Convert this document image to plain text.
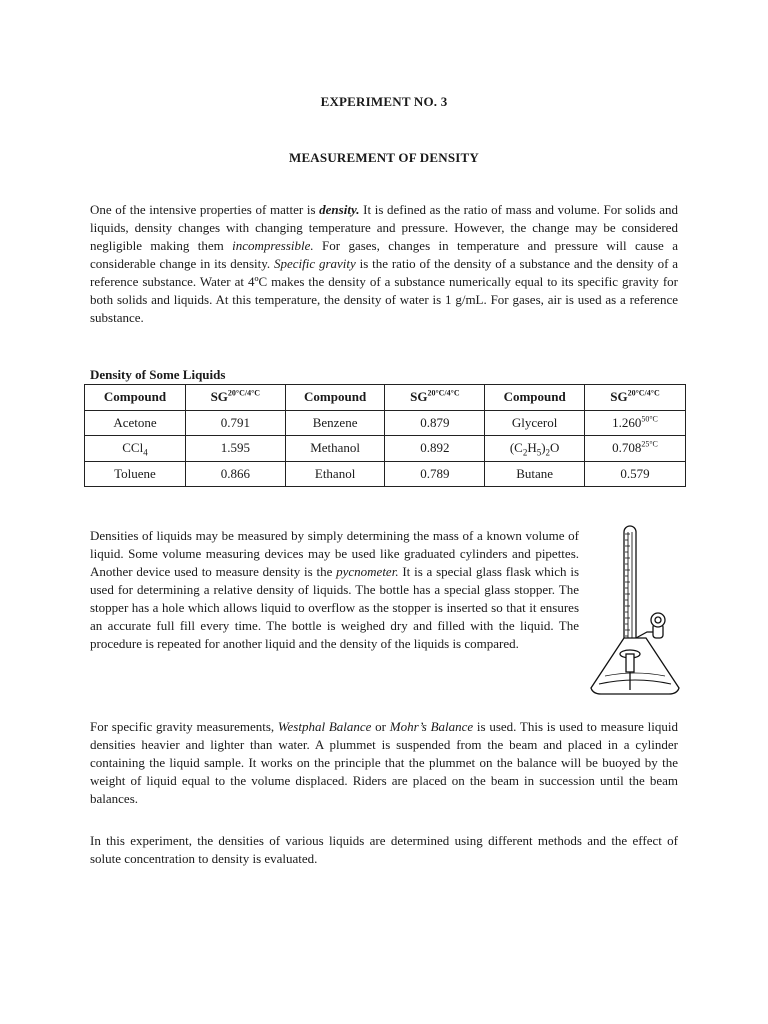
EXPERIMENT NO. 3
MEASUREMENT OF DENSITY

One of the intensive properties of matter is density. It is defined as the ratio of mass and volume. For solids and liquids, density changes with changing temperature and pressure. However, the change may be considered negligible making them incompressible. For gases, changes in temperature and pressure will cause a considerable change in its density. Specific gravity is the ratio of the density of a substance and the density of a reference substance. Water at 4ºC makes the density of a substance numerically equal to its specific gravity for both solids and liquids. At this temperature, the density of water is 1 g/mL. For gases, air is used as a reference substance.

Density of Some Liquids
Compound	$SG^{20^\circ C/4^\circ C}$	Compound	$SG^{20^\circ C/4^\circ C}$	Compound	$SG^{20^\circ C/4^\circ C}$
Acetone	0.791	Benzene	0.879	Glycerol	$1.260^{50^\circ C}$
CCl$_4$	1.595	Methanol	0.892	$(C_2H_5)_2O$	$0.708^{25^\circ C}$
Toluene	0.866	Ethanol	0.789	Butane	0.579

Densities of liquids may be measured by simply determining the mass of a known volume of liquid. Some volume measuring devices may be used like graduated cylinders and pipettes. Another device used to measure density is the pycnometer. It is a special glass flask which is used for determining a relative density of liquids. The bottle has a special glass stopper. The stopper has a hole which allows liquid to overflow as the stopper is inserted so that it ensures an accurate full fill every time. The bottle is weighed dry and filled with the liquid. The procedure is repeated for another liquid and the density of the liquids is compared.

For specific gravity measurements, Westphal Balance or Mohr’s Balance is used. This is used to measure liquid densities heavier and lighter than water. A plummet is suspended from the beam and placed in a cylinder containing the liquid sample. It works on the principle that the plummet on the balance will be buoyed by the weight of liquid equal to the volume displaced. Riders are placed on the beam in succession until the beam balances.

In this experiment, the densities of various liquids are determined using different methods and the effect of solute concentration to density is evaluated.
